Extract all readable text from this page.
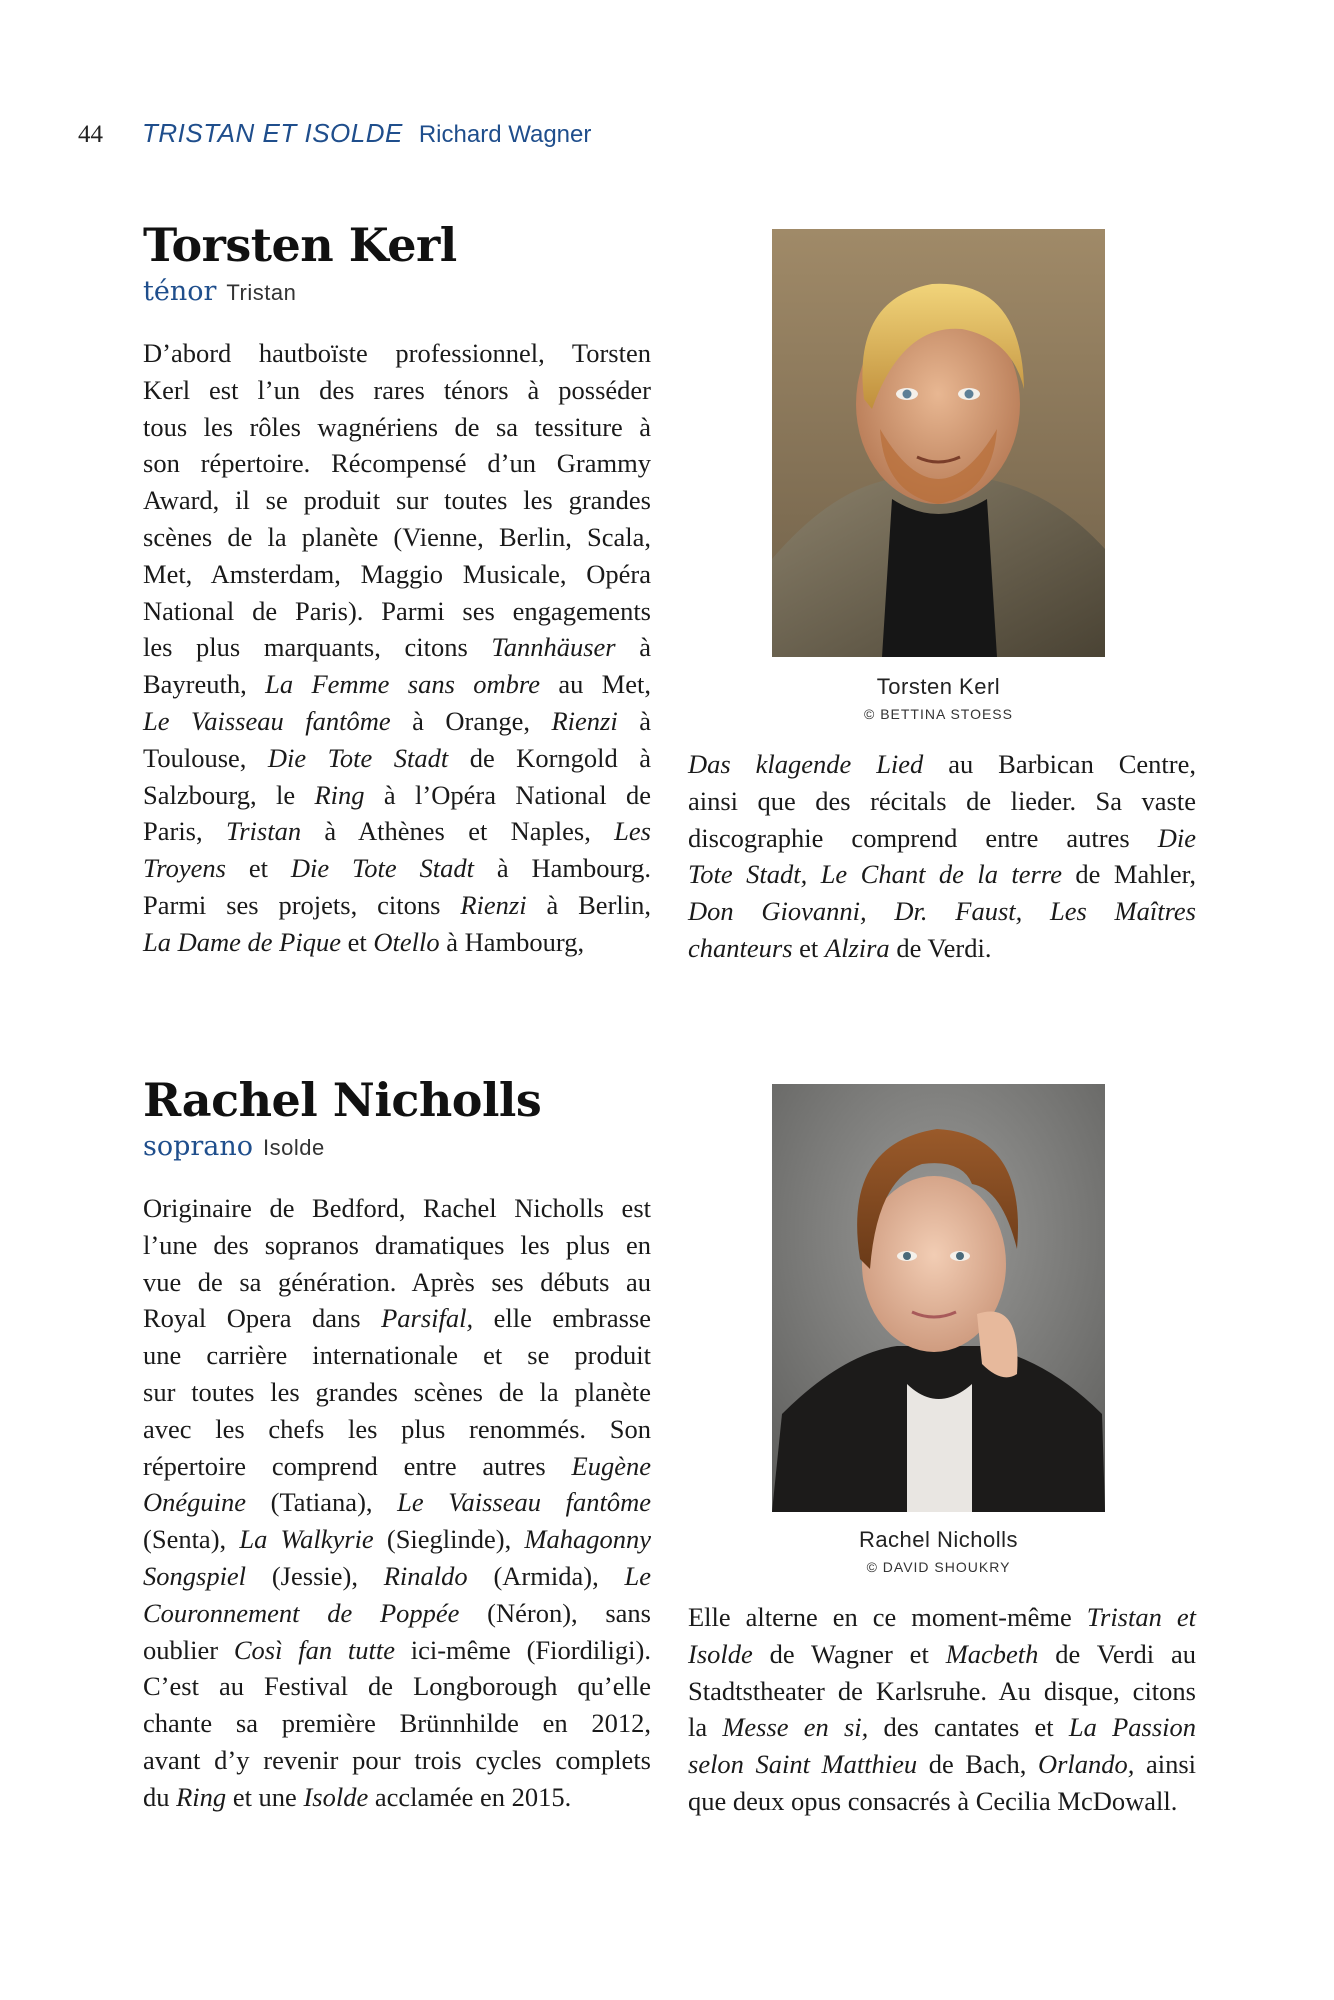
44	TRISTAN ET ISOLDE Richard Wagner
Torsten Kerl
ténor Tristan
D’abord hautboïste professionnel, Torsten
Kerl est l’un des rares ténors à posséder
tous les rôles wagnériens de sa tessiture à
son répertoire. Récompensé d’un Grammy
Award, il se produit sur toutes les grandes
scènes de la planète (Vienne, Berlin, Scala,
Met, Amsterdam, Maggio Musicale, Opéra
National de Paris). Parmi ses engagements
les plus marquants, citons Tannhäuser à
Bayreuth, La Femme sans ombre au Met,
Le Vaisseau fantôme à Orange, Rienzi à
Toulouse, Die Tote Stadt de Korngold à
Salzbourg, le Ring à l’Opéra National de
Paris, Tristan à Athènes et Naples, Les
Troyens et Die Tote Stadt à Hambourg.
Parmi ses projets, citons Rienzi à Berlin,
La Dame de Pique et Otello à Hambourg,
Torsten Kerl
© BETTINA STOESS
Das klagende Lied au Barbican Centre,
ainsi que des récitals de lieder. Sa vaste
discographie comprend entre autres Die
Tote Stadt, Le Chant de la terre de Mahler,
Don Giovanni, Dr. Faust, Les Maîtres
chanteurs et Alzira de Verdi.
Rachel Nicholls
soprano Isolde
Originaire de Bedford, Rachel Nicholls est
l’une des sopranos dramatiques les plus en
vue de sa génération. Après ses débuts au
Royal Opera dans Parsifal, elle embrasse
une carrière internationale et se produit
sur toutes les grandes scènes de la planète
avec les chefs les plus renommés. Son
répertoire comprend entre autres Eugène
Onéguine (Tatiana), Le Vaisseau fantôme
(Senta), La Walkyrie (Sieglinde), Mahagonny
Songspiel (Jessie), Rinaldo (Armida), Le
Couronnement de Poppée (Néron), sans
oublier Così fan tutte ici-même (Fiordiligi).
C’est au Festival de Longborough qu’elle
chante sa première Brünnhilde en 2012,
avant d’y revenir pour trois cycles complets
du Ring et une Isolde acclamée en 2015.
Rachel Nicholls
© DAVID SHOUKRY
Elle alterne en ce moment-même Tristan et
Isolde de Wagner et Macbeth de Verdi au
Stadtstheater de Karlsruhe. Au disque, citons
la Messe en si, des cantates et La Passion
selon Saint Matthieu de Bach, Orlando, ainsi
que deux opus consacrés à Cecilia McDowall.
